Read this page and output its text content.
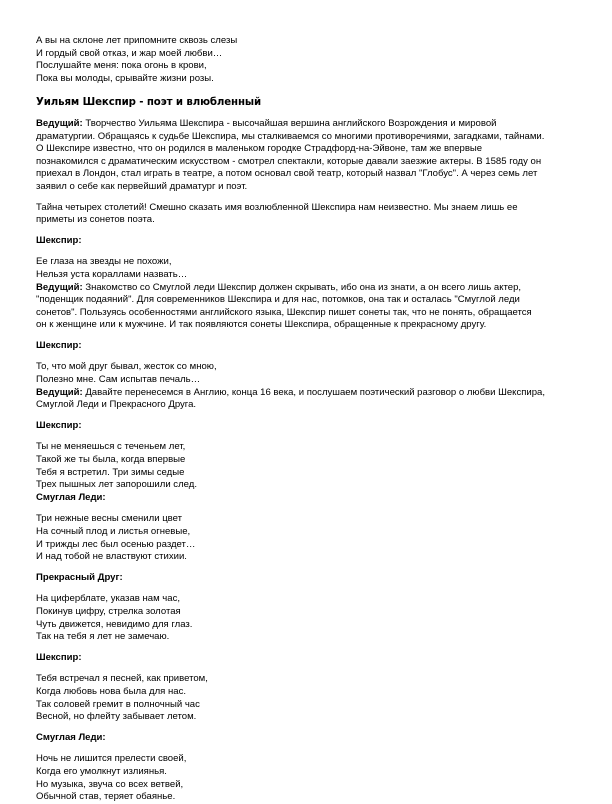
А вы на склоне лет припомните сквозь слезы
И гордый свой отказ, и жар моей любви…
Послушайте меня: пока огонь в крови,
Пока вы молоды, срывайте жизни розы.
Уильям Шекспир - поэт и влюбленный
Ведущий: Творчество Уильяма Шекспира - высочайшая вершина английского Возрождения и мировой
драматургии. Обращаясь к судьбе Шекспира, мы сталкиваемся со многими противоречиями, загадками, тайнами.
О Шекспире известно, что он родился в маленьком городке Страдфорд-на-Эйвоне, там же впервые
познакомился с драматическим искусством - смотрел спектакли, которые давали заезжие актеры. В 1585 году он
приехал в Лондон, стал играть в театре, а потом основал свой театр, который назвал "Глобус". А через семь лет
заявил о себе как первейший драматург и поэт.
Тайна четырех столетий! Смешно сказать имя возлюбленной Шекспира нам неизвестно. Мы знаем лишь ее
приметы из сонетов поэта.
Шекспир:
Ее глаза на звезды не похожи,
Нельзя уста кораллами назвать…
Ведущий: Знакомство со Смуглой леди Шекспир должен скрывать, ибо она из знати, а он всего лишь актер,
"поденщик подаяний". Для современников Шекспира и для нас, потомков, она так и осталась "Смуглой леди
сонетов". Пользуясь особенностями английского языка, Шекспир пишет сонеты так, что не понять, обращается
он к женщине или к мужчине. И так появляются сонеты Шекспира, обращенные к прекрасному другу.
Шекспир:
То, что мой друг бывал, жесток со мною,
Полезно мне. Сам испытав печаль…
Ведущий: Давайте перенесемся в Англию, конца 16 века, и послушаем поэтический разговор о любви Шекспира,
Смуглой Леди и Прекрасного Друга.
Шекспир:
Ты не меняешься с теченьем лет,
Такой же ты была, когда впервые
Тебя я встретил. Три зимы седые
Трех пышных лет запорошили след.
Смуглая Леди:
Три нежные весны сменили цвет
На сочный плод и листья огневые,
И трижды лес был осенью раздет…
И над тобой не властвуют стихии.
Прекрасный Друг:
На циферблате, указав нам час,
Покинув цифру, стрелка золотая
Чуть движется, невидимо для глаз.
Так на тебя я лет не замечаю.
Шекспир:
Тебя встречал я песней, как приветом,
Когда любовь нова была для нас.
Так соловей гремит в полночный час
Весной, но флейту забывает летом.
Смуглая Леди:
Ночь не лишится прелести своей,
Когда его умолкнут излиянья.
Но музыка, звуча со всех ветвей,
Обычной став, теряет обаянье.
